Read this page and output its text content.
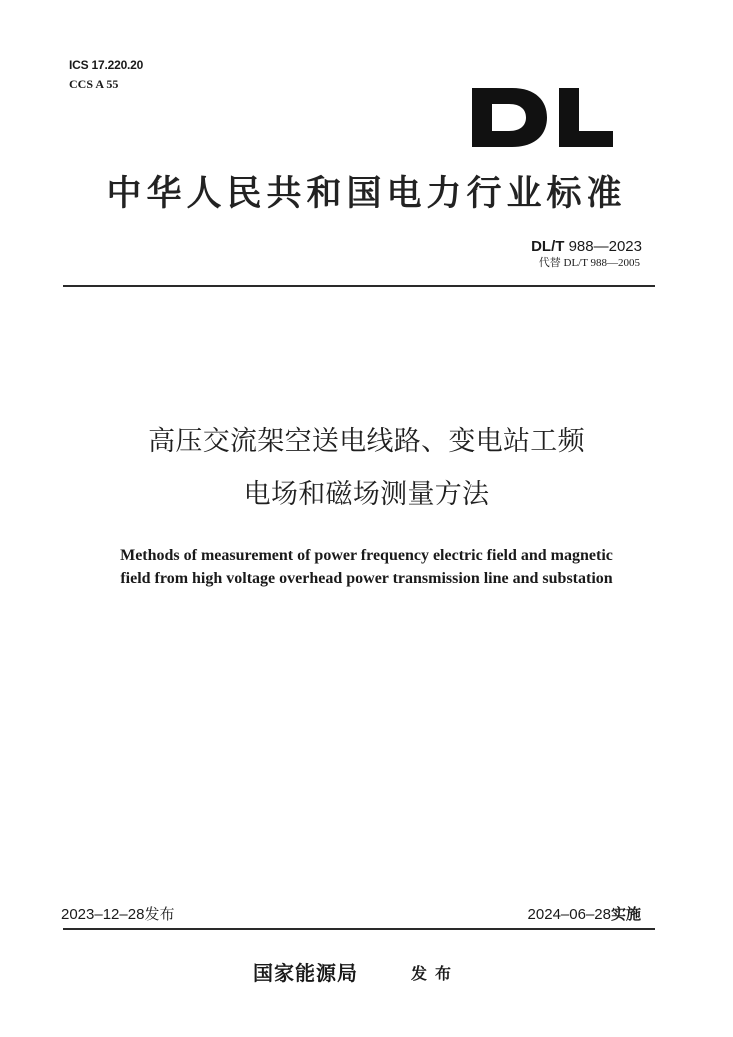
ICS 17.220.20
CCS A 55
中华人民共和国电力行业标准
DL/T 988—2023
代替 DL/T 988—2005
高压交流架空送电线路、变电站工频
电场和磁场测量方法
Methods of measurement of power frequency electric field and magnetic
field from high voltage overhead power transmission line and substation
2023–12–28发布	2024–06–28实施
国家能源局	发布
